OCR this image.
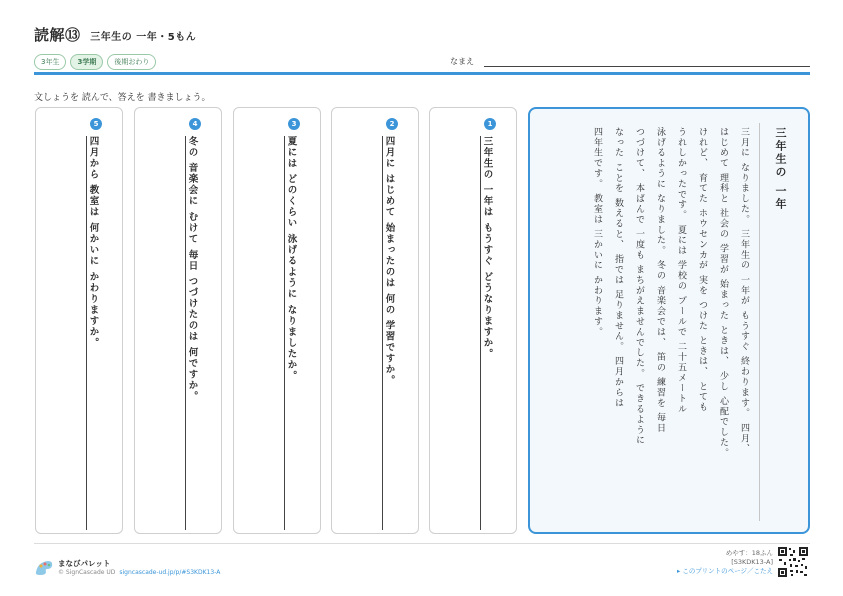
読解⑬ 三年生の 一年・5もん
3年生	3学期	後期おわり	なまえ
文しょうを 読んで、答えを 書きましょう。
1
三年生の 一年は もうすぐ どうなりますか。
2
四月に はじめて 始まったのは 何の 学習ですか。
3
夏には どのくらい 泳げるように なりましたか。
4
冬の 音楽会に むけて 毎日 つづけたのは 何ですか。
5
四月から 教室は 何かいに かわりますか。	三年生の 一年
三月に なりました。 三年生の 一年が もうすぐ 終わります。 四月、
はじめて 理科と 社会の 学習が 始まった ときは、 少し 心配でした。
けれど、 育てた ホウセンカが 実を つけた ときは、 とても
うれしかったです。 夏には 学校の プールで 二十五メートル
泳げるように なりました。 冬の 音楽会では、 笛の 練習を 毎日
つづけて、 本ばんで 一度も まちがえませんでした。 できるように
なった ことを 数えると、 指では 足りません。 四月からは
四年生です。 教室は 三かいに かわります。
まなびパレット
© SignCascade UD signcascade-ud.jp/p/#S3KDK13-A
めやす：18ふん
[S3KDK13-A]
▸ このプリントのページ／こたえ
